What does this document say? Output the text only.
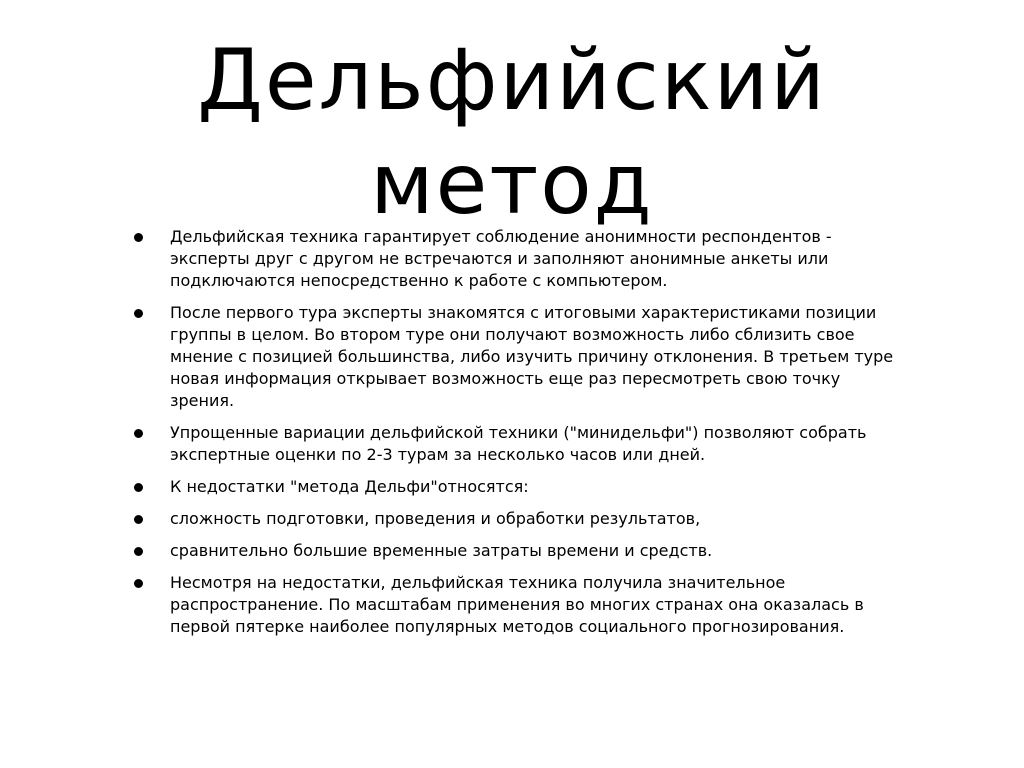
Дельфийский
метод
Дельфийская техника гарантирует соблюдение анонимности респондентов - эксперты друг с другом не встречаются и заполняют анонимные анкеты или подключаются непосредственно к работе с компьютером.
После первого тура эксперты знакомятся с итоговыми характеристиками позиции группы в целом. Во втором туре они получают возможность либо сблизить свое мнение с позицией большинства, либо изучить причину отклонения. В третьем туре новая информация открывает возможность еще раз пересмотреть свою точку зрения.
Упрощенные вариации дельфийской техники ("минидельфи") позволяют собрать экспертные оценки по 2-3 турам за несколько часов или дней.
К недостатки "метода Дельфи"относятся:
сложность подготовки, проведения и обработки результатов,
сравнительно большие временные затраты времени и средств.
Несмотря на недостатки, дельфийская техника получила значительное распространение. По масштабам применения во многих странах она оказалась в первой пятерке наиболее популярных методов социального прогнозирования.
